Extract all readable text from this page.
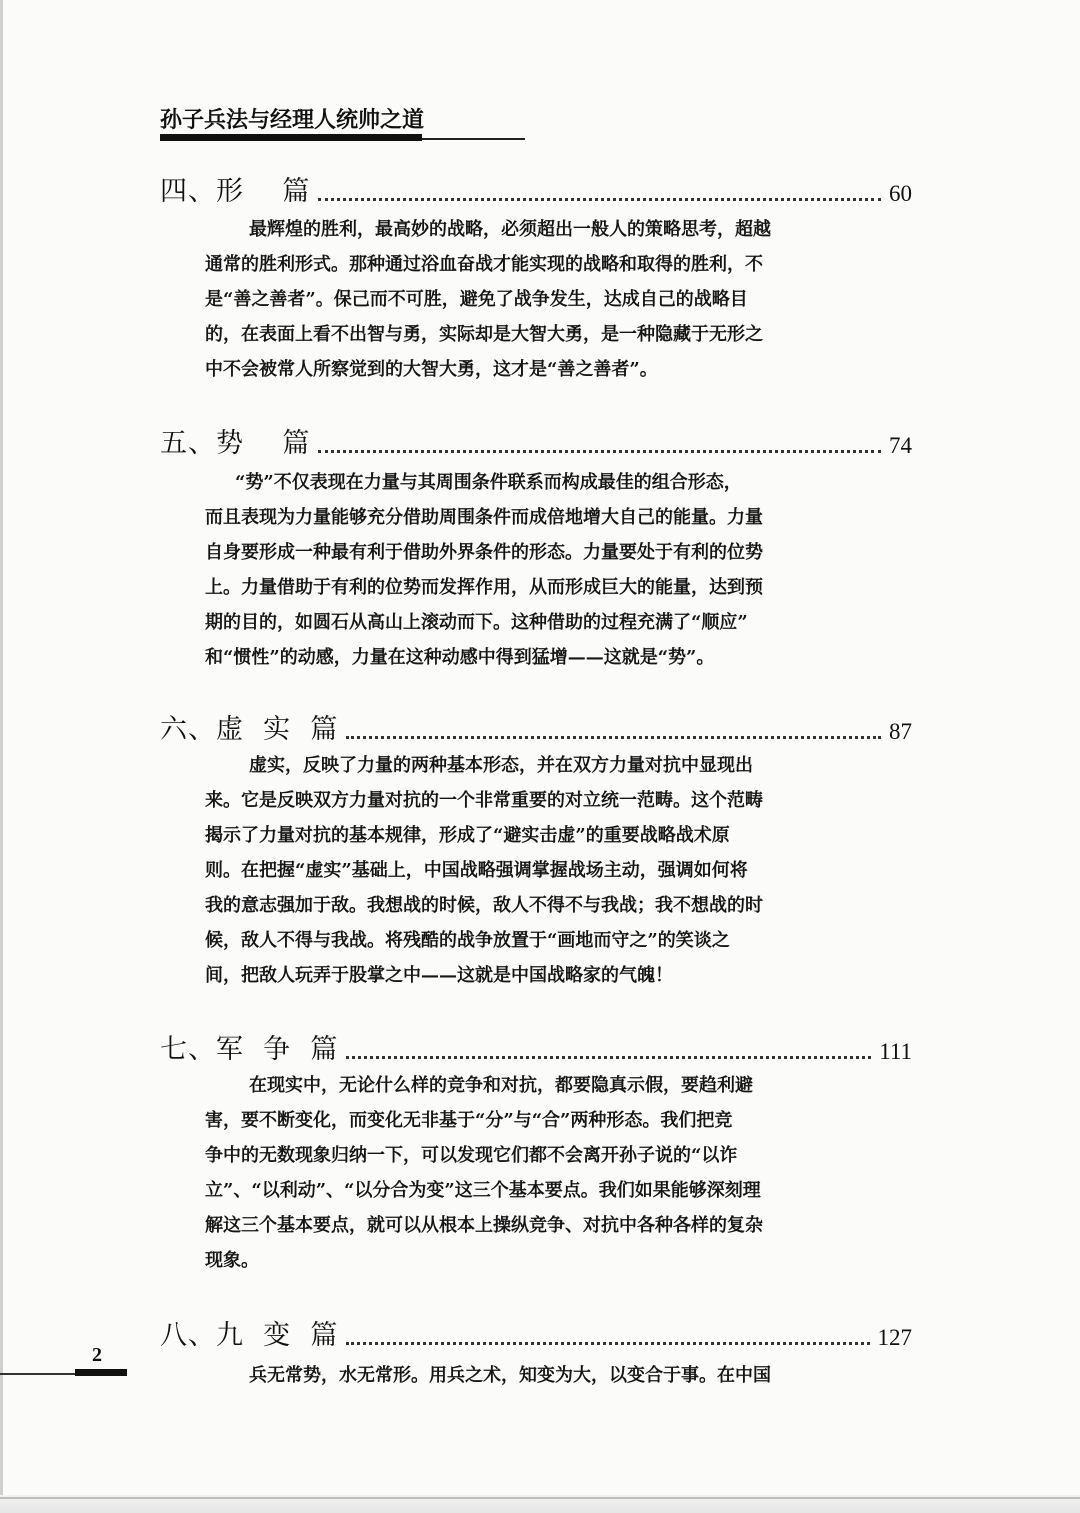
孙子兵法与经理人统帅之道
四、形    篇	60

最辉煌的胜利，最高妙的战略，必须超出一般人的策略思考，超越
通常的胜利形式。那种通过浴血奋战才能实现的战略和取得的胜利，不
是“善之善者”。保己而不可胜，避免了战争发生，达成自己的战略目
的，在表面上看不出智与勇，实际却是大智大勇，是一种隐藏于无形之
中不会被常人所察觉到的大智大勇，这才是“善之善者”。

五、势    篇	74

“势”不仅表现在力量与其周围条件联系而构成最佳的组合形态，
而且表现为力量能够充分借助周围条件而成倍地增大自己的能量。力量
自身要形成一种最有利于借助外界条件的形态。力量要处于有利的位势
上。力量借助于有利的位势而发挥作用，从而形成巨大的能量，达到预
期的目的，如圆石从高山上滚动而下。这种借助的过程充满了“顺应”
和“惯性”的动感，力量在这种动感中得到猛增——这就是“势”。

六、虚  实  篇	87

虚实，反映了力量的两种基本形态，并在双方力量对抗中显现出
来。它是反映双方力量对抗的一个非常重要的对立统一范畴。这个范畴
揭示了力量对抗的基本规律，形成了“避实击虚”的重要战略战术原
则。在把握“虚实”基础上，中国战略强调掌握战场主动，强调如何将
我的意志强加于敌。我想战的时候，敌人不得不与我战；我不想战的时
候，敌人不得与我战。将残酷的战争放置于“画地而守之”的笑谈之
间，把敌人玩弄于股掌之中——这就是中国战略家的气魄！

七、军  争  篇	111

在现实中，无论什么样的竞争和对抗，都要隐真示假，要趋利避
害，要不断变化，而变化无非基于“分”与“合”两种形态。我们把竞
争中的无数现象归纳一下，可以发现它们都不会离开孙子说的“以诈
立”、“以利动”、“以分合为变”这三个基本要点。我们如果能够深刻理
解这三个基本要点，就可以从根本上操纵竞争、对抗中各种各样的复杂
现象。

八、九  变  篇	127

兵无常势，水无常形。用兵之术，知变为大，以变合于事。在中国

2
